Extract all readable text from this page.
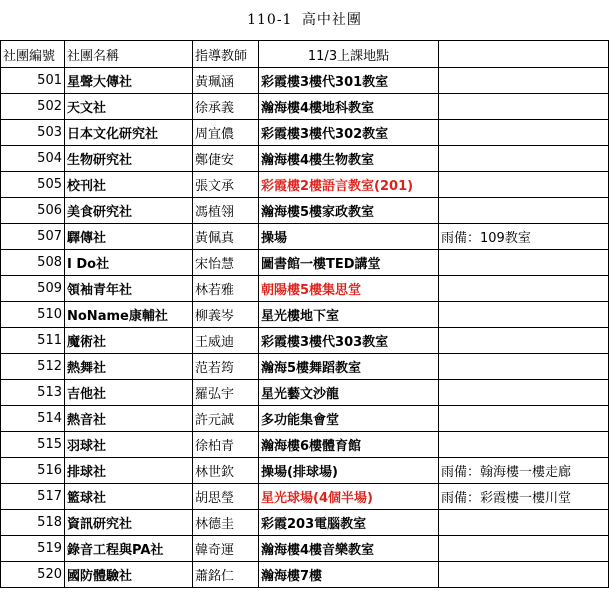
110-1 高中社團
社團編號	社團名稱	指導教師	11/3上課地點	
501	星聲大傳社	黃珮涵	彩霞樓3樓代301教室	
502	天文社	徐承義	瀚海樓4樓地科教室	
503	日本文化研究社	周宜儂	彩霞樓3樓代302教室	
504	生物研究社	鄭倢安	瀚海樓4樓生物教室	
505	校刊社	張文承	彩霞樓2樓語言教室(201)	
506	美食研究社	馮植翎	瀚海樓5樓家政教室	
507	驛傳社	黃佩真	操場	雨備：109教室
508	I Do社	宋怡慧	圖書館一樓TED講堂	
509	領袖青年社	林若雅	朝陽樓5樓集思堂	
510	NoName康輔社	柳義岑	星光樓地下室	
511	魔術社	王威迪	彩霞樓3樓代303教室	
512	熱舞社	范若筠	瀚海5樓舞蹈教室	
513	吉他社	羅弘宇	星光藝文沙龍	
514	熱音社	許元誠	多功能集會堂	
515	羽球社	徐柏青	瀚海樓6樓體育館	
516	排球社	林世欽	操場(排球場)	雨備：翰海樓一樓走廊
517	籃球社	胡思瑩	星光球場(4個半場)	雨備：彩霞樓一樓川堂
518	資訊研究社	林德圭	彩霞203電腦教室	
519	錄音工程與PA社	韓奇運	瀚海樓4樓音樂教室	
520	國防體驗社	蕭銘仁	瀚海樓7樓	
